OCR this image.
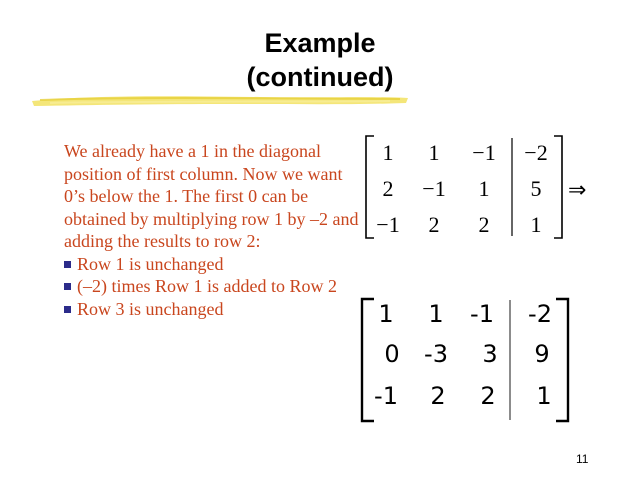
Example
(continued)

We already have a 1 in the diagonal position of first column. Now we want 0’s below the 1. The first 0 can be obtained by multiplying row 1 by –2 and adding the results to row 2:

Row 1 is unchanged

(–2) times Row 1 is added to Row 2

Row 3 is unchanged

1	1	−1	−2
2	−1	1	5
−1	2	2	1
⇒
1	1	-1	-2
0	-3	3	9
-1	2	2	1
11
